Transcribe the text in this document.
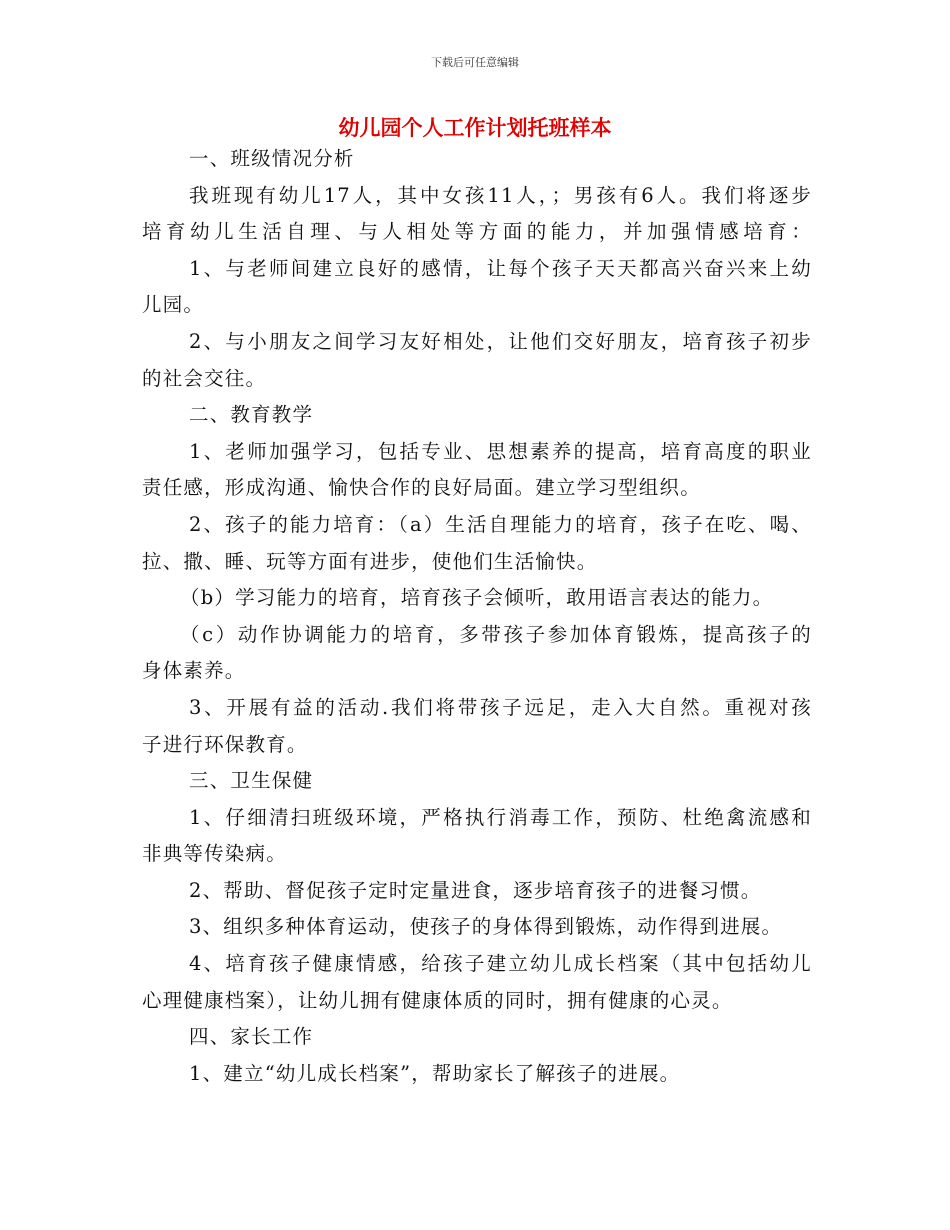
下载后可任意编辑
幼儿园个人工作计划托班样本
一、班级情况分析
我班现有幼儿17人，其中女孩11人，；男孩有6人。我们将逐步
培育幼儿生活自理、与人相处等方面的能力，并加强情感培育：
1、与老师间建立良好的感情，让每个孩子天天都高兴奋兴来上幼
儿园。
2、与小朋友之间学习友好相处，让他们交好朋友，培育孩子初步
的社会交往。
二、教育教学
1、老师加强学习，包括专业、思想素养的提高，培育高度的职业
责任感，形成沟通、愉快合作的良好局面。建立学习型组织。
2、孩子的能力培育：（a）生活自理能力的培育，孩子在吃、喝、
拉、撒、睡、玩等方面有进步，使他们生活愉快。
（b）学习能力的培育，培育孩子会倾听，敢用语言表达的能力。
（c）动作协调能力的培育，多带孩子参加体育锻炼，提高孩子的
身体素养。
3、开展有益的活动.我们将带孩子远足，走入大自然。重视对孩
子进行环保教育。
三、卫生保健
1、仔细清扫班级环境，严格执行消毒工作，预防、杜绝禽流感和
非典等传染病。
2、帮助、督促孩子定时定量进食，逐步培育孩子的进餐习惯。
3、组织多种体育运动，使孩子的身体得到锻炼，动作得到进展。
4、培育孩子健康情感，给孩子建立幼儿成长档案（其中包括幼儿
心理健康档案），让幼儿拥有健康体质的同时，拥有健康的心灵。
四、家长工作
1、建立“幼儿成长档案”，帮助家长了解孩子的进展。
